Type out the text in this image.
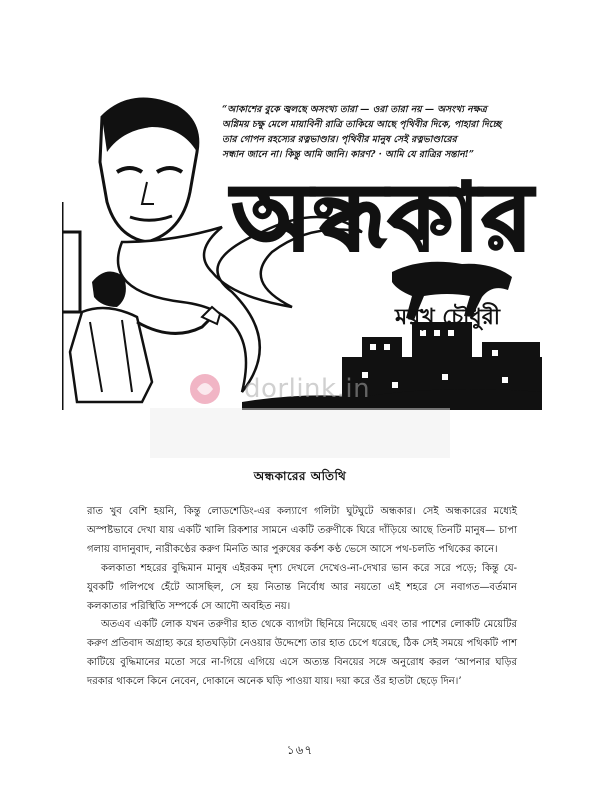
“আকাশের বুকে জ্বলছে অসংখ্য তারা — ওরা তারা নয় — অসংখ্য নক্ষত্র

অগ্নিময় চক্ষু মেলে মায়াবিনী রাত্রি তাকিয়ে আছে পৃথিবীর দিকে, পাহারা দিচ্ছে

তার গোপন রহস্যের রত্নভাণ্ডার। পৃথিবীর মানুষ সেই রত্নভাণ্ডারের

সন্ধান জানে না। কিন্তু আমি জানি। কারণ? · আমি যে রাত্রির সন্তান!”

অন্ধকার
ময়ূখ চৌধুরী
dorlink.in
অন্ধকারের অতিথি

রাত খুব বেশি হয়নি, কিন্তু লোডশেডিং-এর কল্যাণে গলিটা ঘুটঘুটে অন্ধকার। সেই অন্ধকারের মধ্যেই অস্পষ্টভাবে দেখা যায় একটি খালি রিকশার সামনে একটি তরুণীকে ঘিরে দাঁড়িয়ে আছে তিনটি মানুষ— চাপা গলায় বাদানুবাদ, নারীকণ্ঠের করুণ মিনতি আর পুরুষের কর্কশ কণ্ঠ ভেসে আসে পথ-চলতি পথিকের কানে।

কলকাতা শহরের বুদ্ধিমান মানুষ এইরকম দৃশ্য দেখলে দেখেও-না-দেখার ভান করে সরে পড়ে; কিন্তু যে-যুবকটি গলিপথে হেঁটে আসছিল, সে হয় নিতান্ত নির্বোধ আর নয়তো এই শহরে সে নবাগত—বর্তমান কলকাতার পরিস্থিতি সম্পর্কে সে আদৌ অবহিত নয়।

অতএব একটি লোক যখন তরুণীর হাত থেকে ব্যাগটা ছিনিয়ে নিয়েছে এবং তার পাশের লোকটি মেয়েটির করুণ প্রতিবাদ অগ্রাহ্য করে হাতঘড়িটা নেওয়ার উদ্দেশ্যে তার হাত চেপে ধরেছে, ঠিক সেই সময়ে পথিকটি পাশ কাটিয়ে বুদ্ধিমানের মতো সরে না-গিয়ে এগিয়ে এসে অত্যন্ত বিনয়ের সঙ্গে অনুরোধ করল ‘আপনার ঘড়ির দরকার থাকলে কিনে নেবেন, দোকানে অনেক ঘড়ি পাওয়া যায়। দয়া করে ওঁর হাতটা ছেড়ে দিন।’

১৬৭
